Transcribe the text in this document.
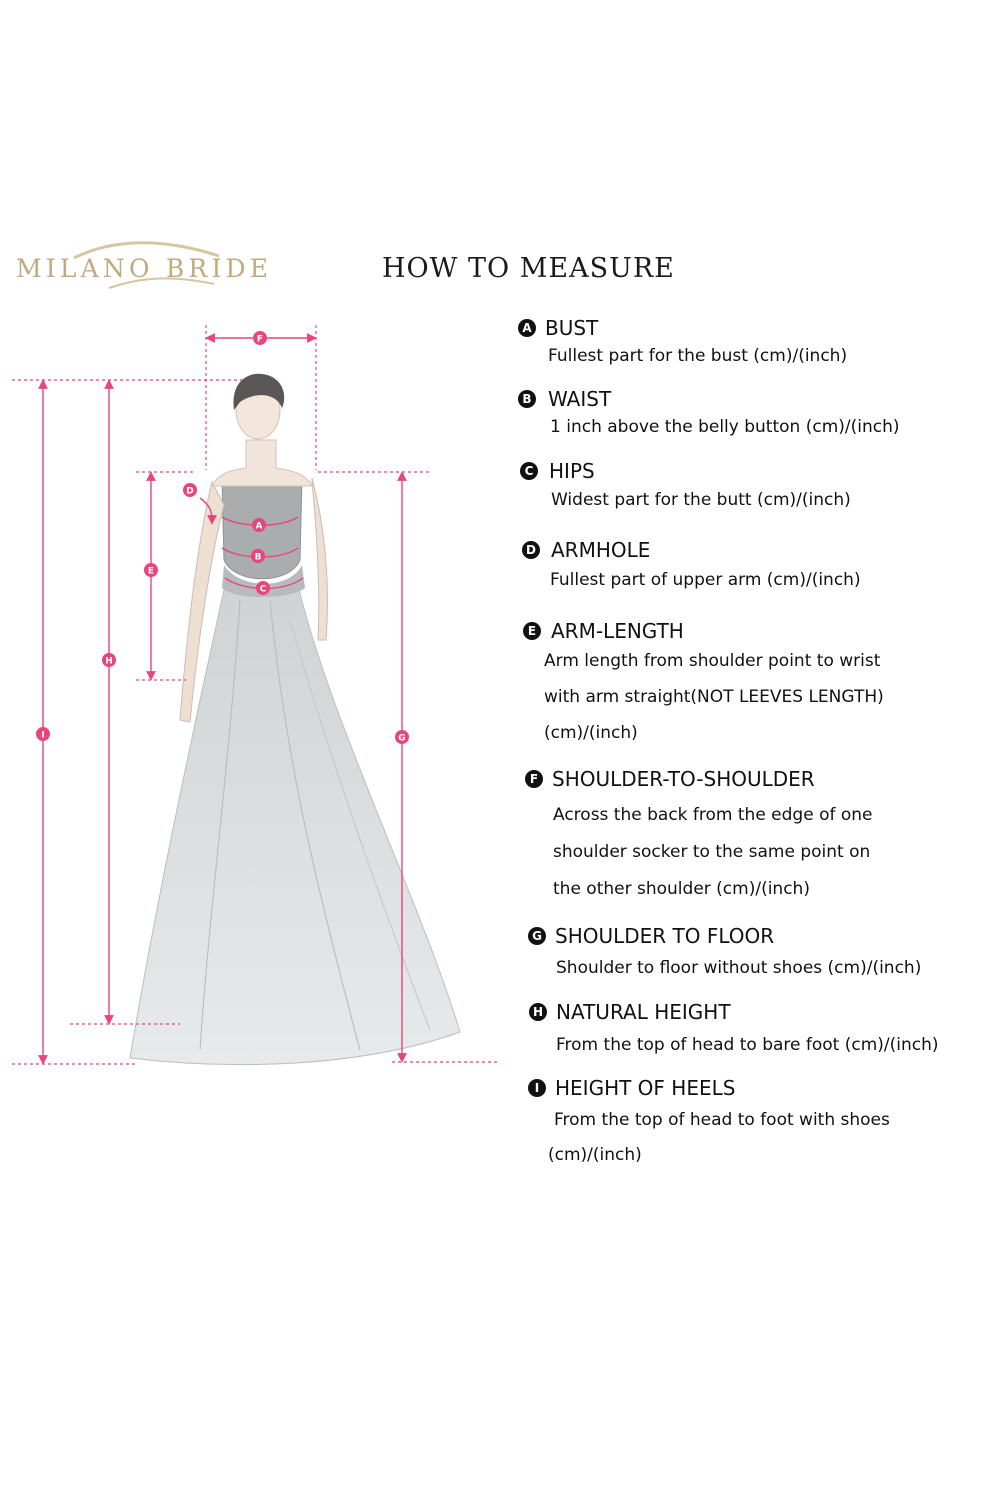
MILANO BRIDE	HOW TO MEASURE
F
D
A
B
C
E
H
I	G
A BUST
Fullest part for the bust (cm)/(inch)
B WAIST
1 inch above the belly button (cm)/(inch)
C HIPS
Widest part for the butt (cm)/(inch)
D ARMHOLE
Fullest part of upper arm (cm)/(inch)
E ARM-LENGTH
Arm length from shoulder point to wrist
with arm straight(NOT LEEVES LENGTH)
(cm)/(inch)
F SHOULDER-TO-SHOULDER
Across the back from the edge of one
shoulder socker to the same point on
the other shoulder (cm)/(inch)
G SHOULDER TO FLOOR
Shoulder to floor without shoes (cm)/(inch)
H NATURAL HEIGHT
From the top of head to bare foot (cm)/(inch)
I HEIGHT OF HEELS
From the top of head to foot with shoes
(cm)/(inch)
